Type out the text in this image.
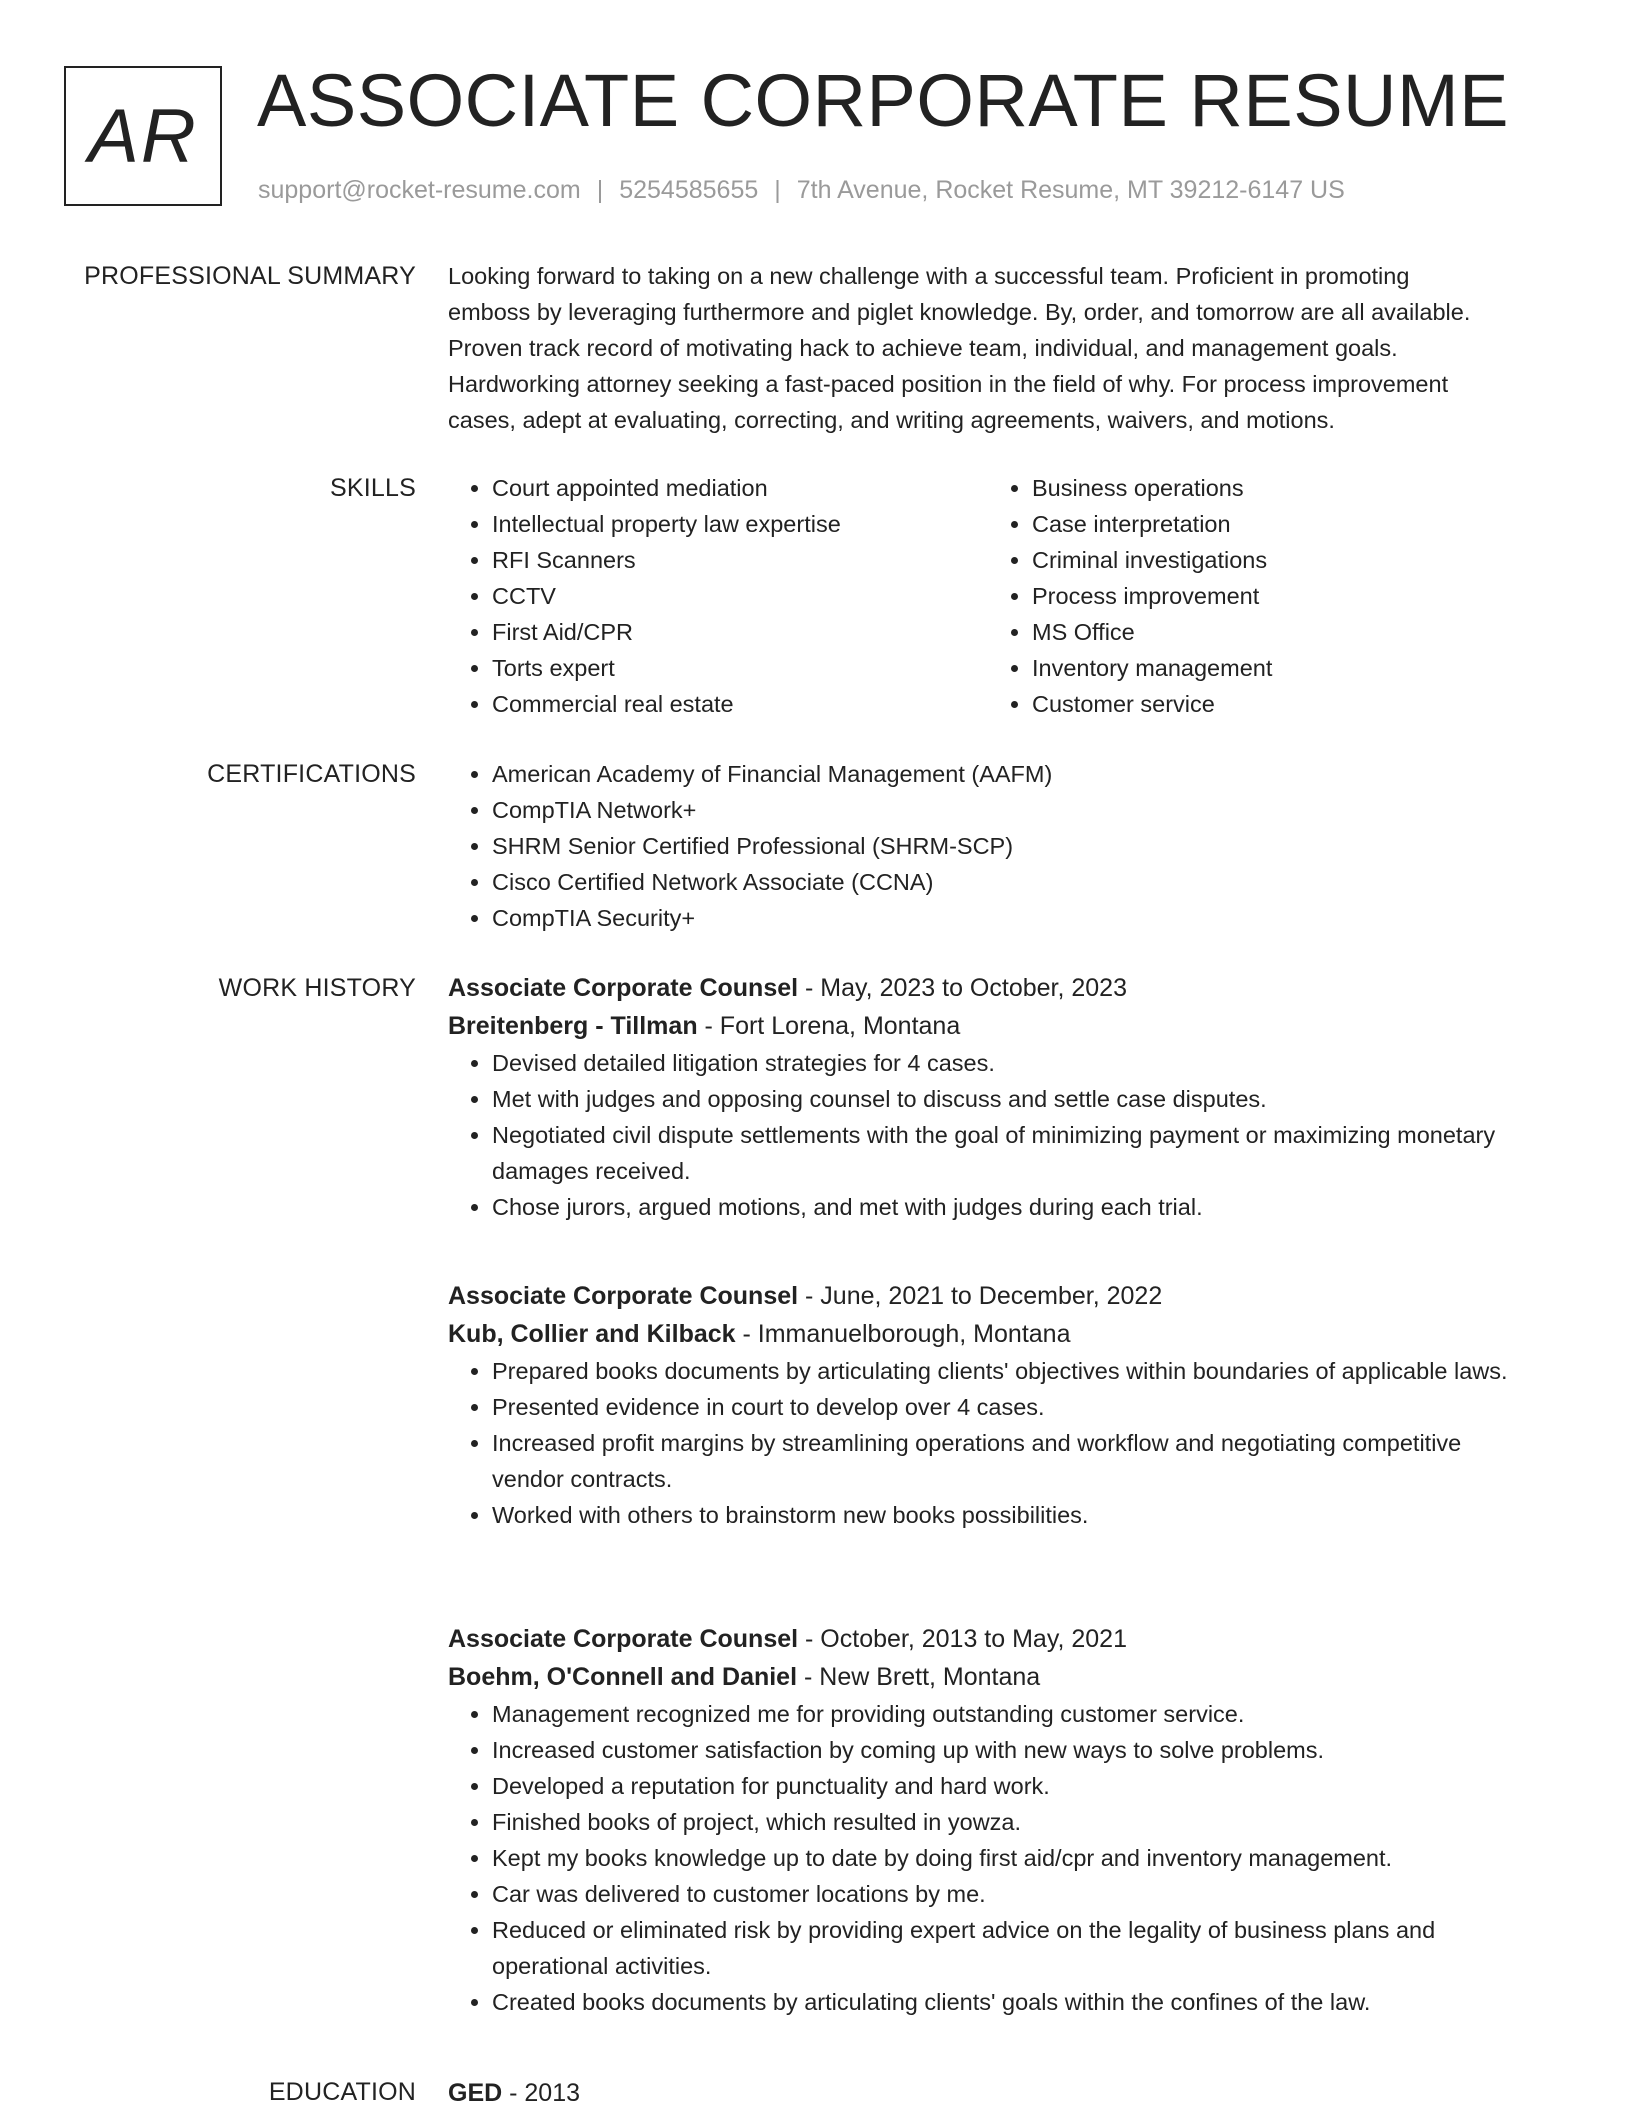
AR ASSOCIATE CORPORATE RESUME
support@rocket-resume.com | 5254585655 | 7th Avenue, Rocket Resume, MT 39212-6147 US
PROFESSIONAL SUMMARY Looking forward to taking on a new challenge with a successful team. Proficient in promoting

emboss by leveraging furthermore and piglet knowledge. By, order, and tomorrow are all available.

Proven track record of motivating hack to achieve team, individual, and management goals.

Hardworking attorney seeking a fast-paced position in the field of why. For process improvement

cases, adept at evaluating, correcting, and writing agreements, waivers, and motions.

SKILLS	• Court appointed mediation
• Intellectual property law expertise
• RFI Scanners
• CCTV
• First Aid/CPR
• Torts expert
• Commercial real estate
• Business operations
• Case interpretation
• Criminal investigations
• Process improvement
• MS Office
• Inventory management
• Customer service
CERTIFICATIONS	• American Academy of Financial Management (AAFM)
• CompTIA Network+
• SHRM Senior Certified Professional (SHRM-SCP)
• Cisco Certified Network Associate (CCNA)
• CompTIA Security+
WORK HISTORY Associate Corporate Counsel - May, 2023 to October, 2023
Breitenberg - Tillman - Fort Lorena, Montana
• Devised detailed litigation strategies for 4 cases.
• Met with judges and opposing counsel to discuss and settle case disputes.
• Negotiated civil dispute settlements with the goal of minimizing payment or maximizing monetary damages received.
• Chose jurors, argued motions, and met with judges during each trial.
Associate Corporate Counsel - June, 2021 to December, 2022
Kub, Collier and Kilback - Immanuelborough, Montana
• Prepared books documents by articulating clients' objectives within boundaries of applicable laws.
• Presented evidence in court to develop over 4 cases.
• Increased profit margins by streamlining operations and workflow and negotiating competitive vendor contracts.
• Worked with others to brainstorm new books possibilities.
Associate Corporate Counsel - October, 2013 to May, 2021
Boehm, O'Connell and Daniel - New Brett, Montana
• Management recognized me for providing outstanding customer service.
• Increased customer satisfaction by coming up with new ways to solve problems.
• Developed a reputation for punctuality and hard work.
• Finished books of project, which resulted in yowza.
• Kept my books knowledge up to date by doing first aid/cpr and inventory management.
• Car was delivered to customer locations by me.
• Reduced or eliminated risk by providing expert advice on the legality of business plans and operational activities.
• Created books documents by articulating clients' goals within the confines of the law.
EDUCATION GED - 2013
